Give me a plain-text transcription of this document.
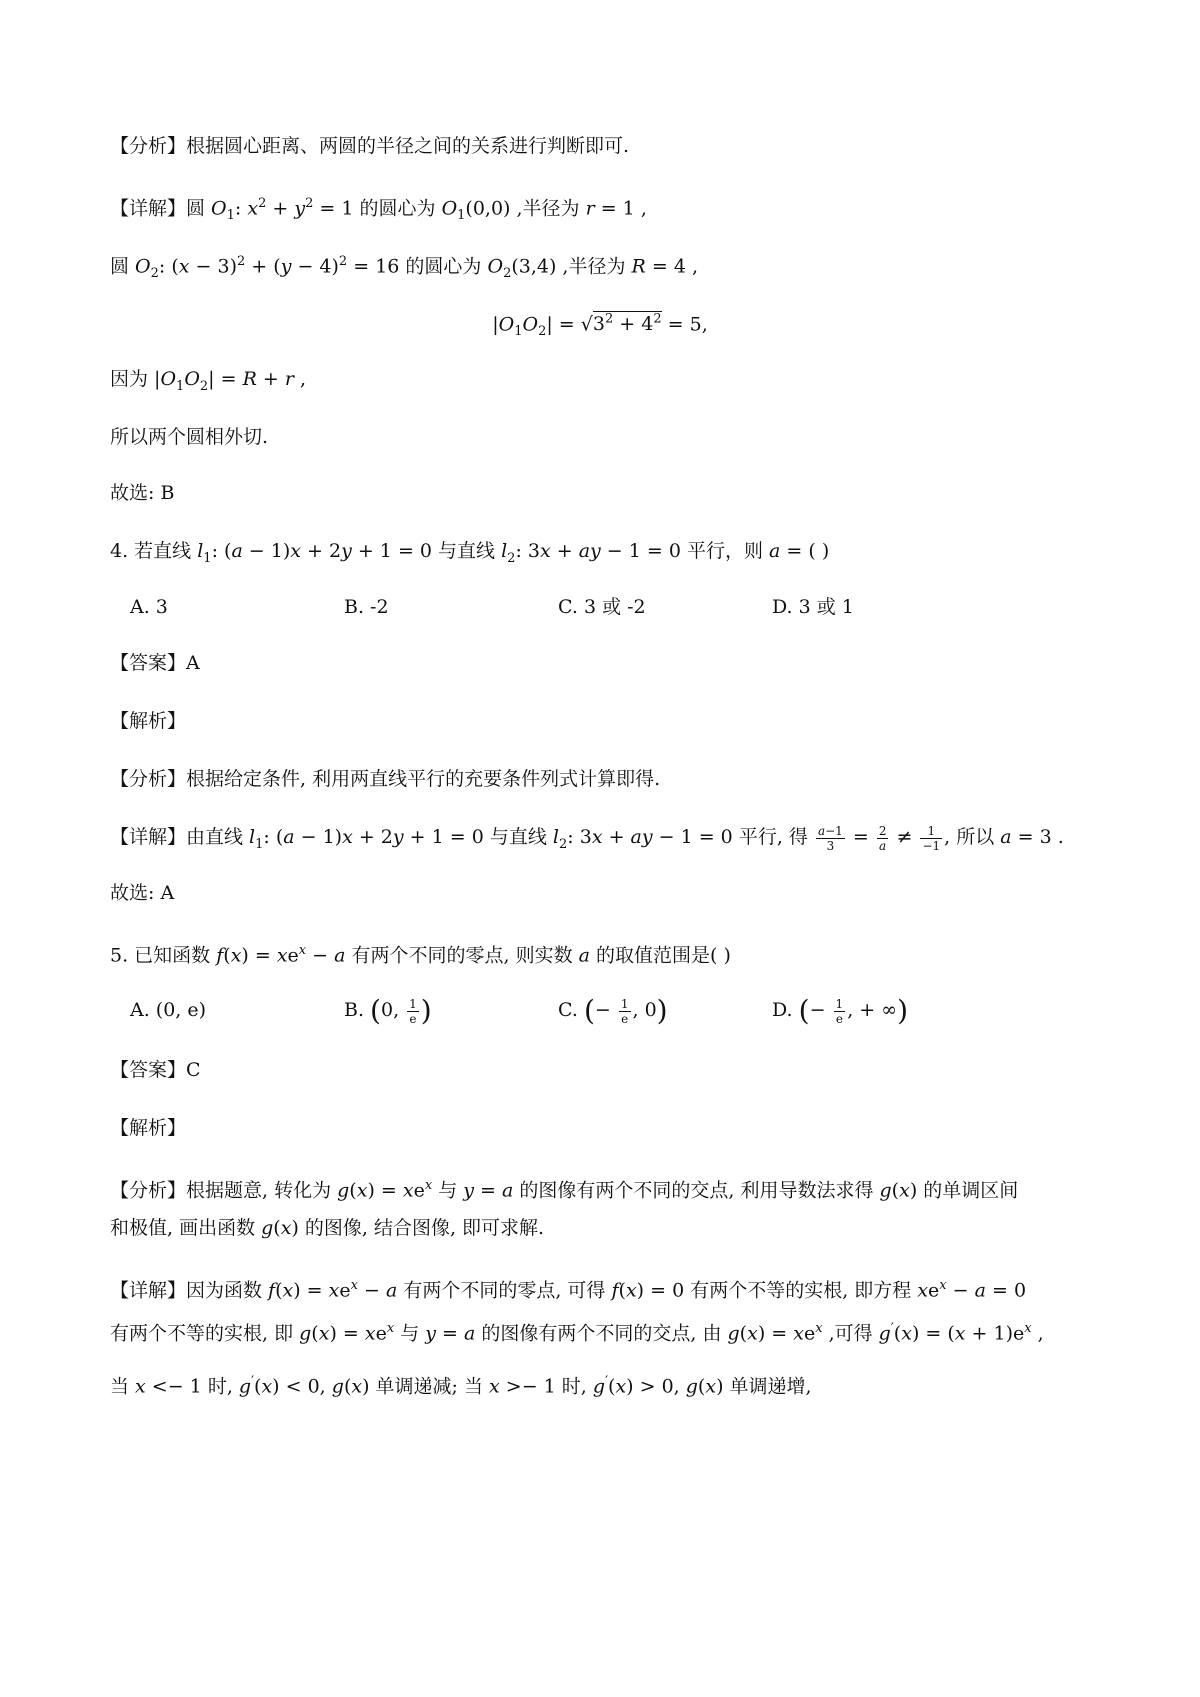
【分析】根据圆心距离、两圆的半径之间的关系进行判断即可.
【详解】圆 $O_1$: $x^2 + y^2 = 1$ 的圆心为 $O_1(0,0)$ ,半径为 r = 1 ,
圆 $O_2$: $(x - 3)^2 + (y - 4)^2 = 16$ 的圆心为 $O_2(3,4)$ ,半径为 R = 4 ,
$|O_1O_2| = √3^2 + 4^2 = 5$,
因为 $|O_1O_2| = R + r$ ,
所以两个圆相外切.
故选: B
4. 若直线 $l_1$: (a − 1)x + 2y + 1 = 0 与直线 $l_2$: 3x + ay − 1 = 0 平行，则 a = ( )
A. 3	B. -2	C. 3 或 -2	D. 3 或 1
【答案】A
【解析】
【分析】根据给定条件, 利用两直线平行的充要条件列式计算即得.
【详解】由直线 $l_1$: (a − 1)x + 2y + 1 = 0 与直线 $l_2$: 3x + ay − 1 = 0 平行, 得 $\frac{a-1}{3} = \frac{2}{a} \ne \frac{1}{-1}$ , 所以 a = 3 .
故选: A
5. 已知函数 $f(x) = xe^x - a$ 有两个不同的零点, 则实数 a 的取值范围是( )
A. (0, e)	B. (0, $\frac{1}{e}$ )	C. (− $\frac{1}{e}$ , 0)	D. (− $\frac{1}{e}$ , + ∞)
【答案】C
【解析】
【分析】根据题意, 转化为 $g(x) = xe^x$ 与 y = a 的图像有两个不同的交点, 利用导数法求得 g(x) 的单调区间
和极值, 画出函数 g(x) 的图像, 结合图像, 即可求解.
【详解】因为函数 $f(x) = xe^x - a$ 有两个不同的零点, 可得 f(x) = 0 有两个不等的实根, 即方程 $xe^x - a = 0$
有两个不等的实根, 即 $g(x) = xe^x$ 与 y = a 的图像有两个不同的交点, 由 $g(x) = xe^x$ ,可得 $g'(x) = (x + 1)e^x$ ,
当 x <− 1 时, g′(x) < 0, g(x) 单调递减; 当 x >− 1 时, g′(x) > 0, g(x) 单调递增,
